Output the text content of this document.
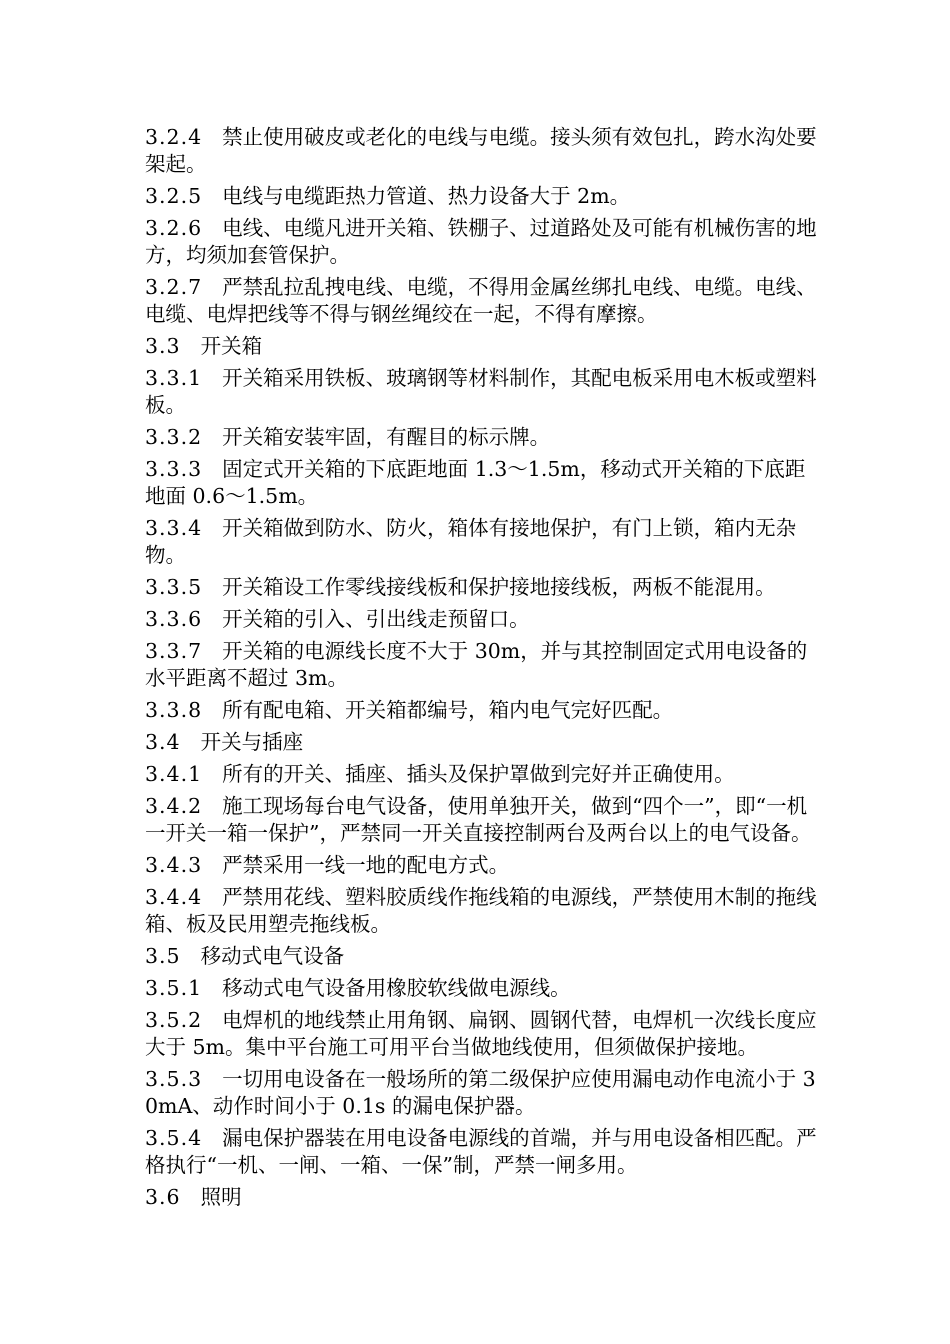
3.2.4 禁止使用破皮或老化的电线与电缆。接头须有效包扎，跨水沟处要架起。

3.2.5 电线与电缆距热力管道、热力设备大于 2m。

3.2.6 电线、电缆凡进开关箱、铁棚子、过道路处及可能有机械伤害的地方，均须加套管保护。

3.2.7 严禁乱拉乱拽电线、电缆，不得用金属丝绑扎电线、电缆。电线、电缆、电焊把线等不得与钢丝绳绞在一起，不得有摩擦。

3.3 开关箱

3.3.1 开关箱采用铁板、玻璃钢等材料制作，其配电板采用电木板或塑料板。

3.3.2 开关箱安装牢固，有醒目的标示牌。

3.3.3 固定式开关箱的下底距地面 1.3～1.5m，移动式开关箱的下底距地面 0.6～1.5m。

3.3.4 开关箱做到防水、防火，箱体有接地保护，有门上锁，箱内无杂物。

3.3.5 开关箱设工作零线接线板和保护接地接线板，两板不能混用。

3.3.6 开关箱的引入、引出线走预留口。

3.3.7 开关箱的电源线长度不大于 30m，并与其控制固定式用电设备的水平距离不超过 3m。

3.3.8 所有配电箱、开关箱都编号，箱内电气完好匹配。

3.4 开关与插座

3.4.1 所有的开关、插座、插头及保护罩做到完好并正确使用。

3.4.2 施工现场每台电气设备，使用单独开关，做到“四个一”，即“一机一开关一箱一保护”，严禁同一开关直接控制两台及两台以上的电气设备。

3.4.3 严禁采用一线一地的配电方式。

3.4.4 严禁用花线、塑料胶质线作拖线箱的电源线，严禁使用木制的拖线箱、板及民用塑壳拖线板。

3.5 移动式电气设备

3.5.1 移动式电气设备用橡胶软线做电源线。

3.5.2 电焊机的地线禁止用角钢、扁钢、圆钢代替，电焊机一次线长度应大于 5m。集中平台施工可用平台当做地线使用，但须做保护接地。

3.5.3 一切用电设备在一般场所的第二级保护应使用漏电动作电流小于 30mA、动作时间小于 0.1s 的漏电保护器。

3.5.4 漏电保护器装在用电设备电源线的首端，并与用电设备相匹配。严格执行“一机、一闸、一箱、一保”制，严禁一闸多用。

3.6 照明
